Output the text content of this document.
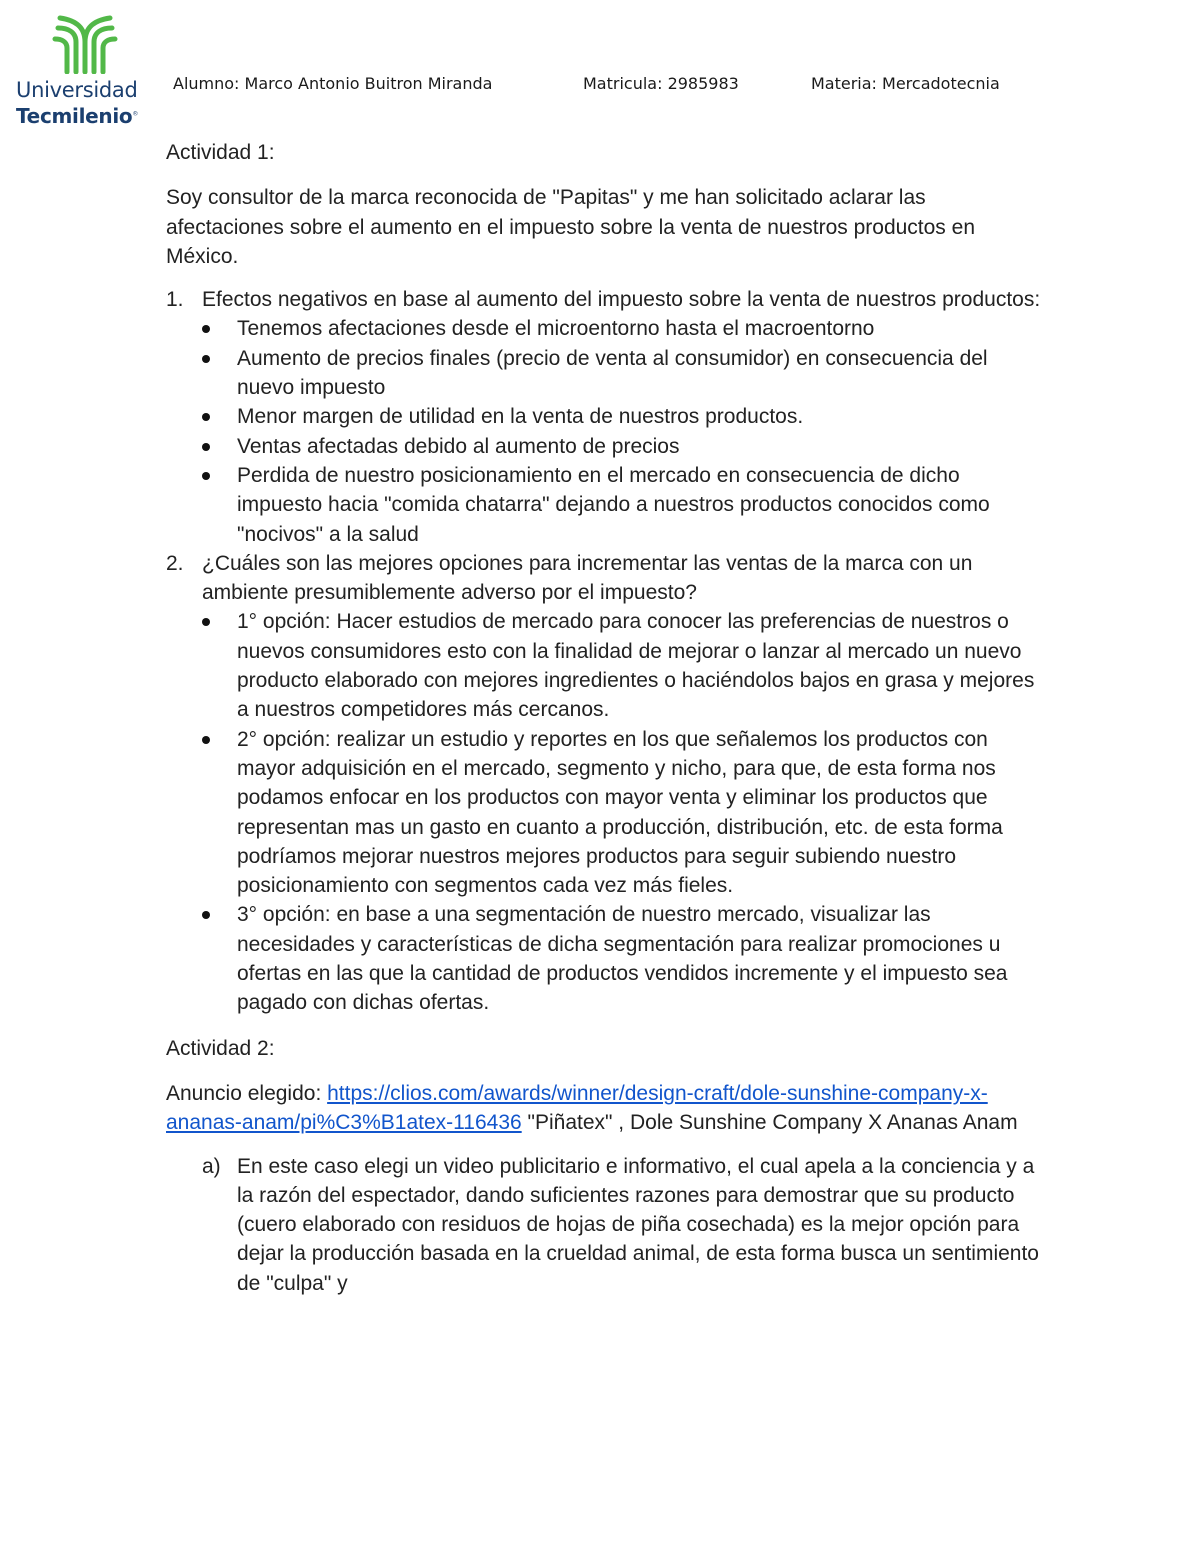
Universidad
Tecmilenio®
Alumno: Marco Antonio Buitron Miranda	Matricula: 2985983	Materia: Mercadotecnia

Actividad 1:

Soy consultor de la marca reconocida de "Papitas" y me han solicitado aclarar las afectaciones sobre el aumento en el impuesto sobre la venta de nuestros productos en México.

1. Efectos negativos en base al aumento del impuesto sobre la venta de nuestros productos:
Tenemos afectaciones desde el microentorno hasta el macroentorno
Aumento de precios finales (precio de venta al consumidor) en consecuencia del nuevo impuesto
Menor margen de utilidad en la venta de nuestros productos.
Ventas afectadas debido al aumento de precios
Perdida de nuestro posicionamiento en el mercado en consecuencia de dicho impuesto hacia "comida chatarra" dejando a nuestros productos conocidos como "nocivos" a la salud
2. ¿Cuáles son las mejores opciones para incrementar las ventas de la marca con un ambiente presumiblemente adverso por el impuesto?
1° opción: Hacer estudios de mercado para conocer las preferencias de nuestros o nuevos consumidores esto con la finalidad de mejorar o lanzar al mercado un nuevo producto elaborado con mejores ingredientes o haciéndolos bajos en grasa y mejores a nuestros competidores más cercanos.
2° opción: realizar un estudio y reportes en los que señalemos los productos con mayor adquisición en el mercado, segmento y nicho, para que, de esta forma nos podamos enfocar en los productos con mayor venta y eliminar los productos que representan mas un gasto en cuanto a producción, distribución, etc. de esta forma podríamos mejorar nuestros mejores productos para seguir subiendo nuestro posicionamiento con segmentos cada vez más fieles.
3° opción: en base a una segmentación de nuestro mercado, visualizar las necesidades y características de dicha segmentación para realizar promociones u ofertas en las que la cantidad de productos vendidos incremente y el impuesto sea pagado con dichas ofertas.

Actividad 2:

Anuncio elegido: https://clios.com/awards/winner/design-craft/dole-sunshine-company-x-ananas-anam/pi%C3%B1atex-116436 "Piñatex" , Dole Sunshine Company X Ananas Anam

a) En este caso elegi un video publicitario e informativo, el cual apela a la conciencia y a la razón del espectador, dando suficientes razones para demostrar que su producto (cuero elaborado con residuos de hojas de piña cosechada) es la mejor opción para dejar la producción basada en la crueldad animal, de esta forma busca un sentimiento de "culpa" y
